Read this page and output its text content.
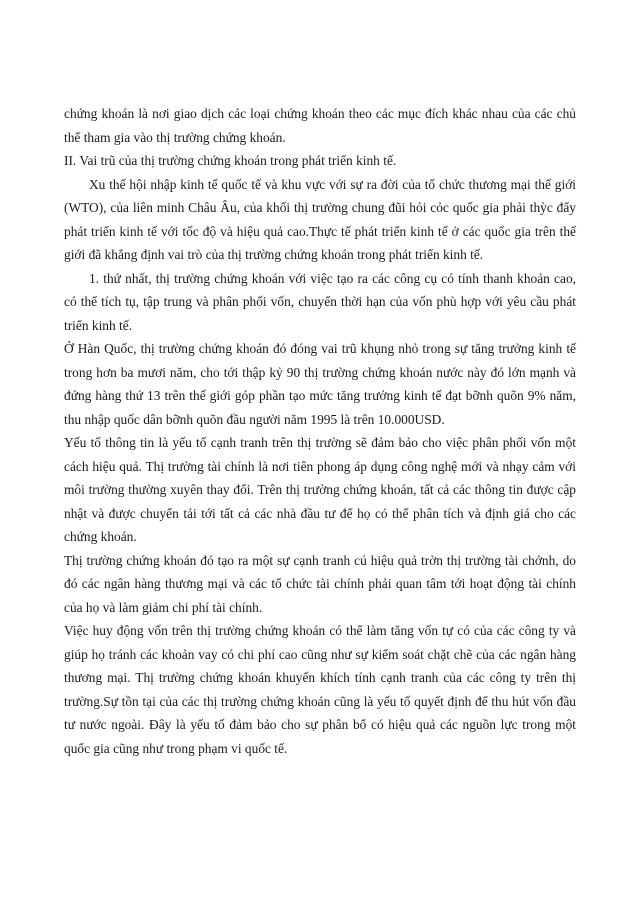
chứng khoán là nơi giao dịch các loại chứng khoán theo các mục đích khác nhau của các chủ thể tham gia vào thị trường chứng khoán.

II. Vai trũ của thị trường chứng khoán trong phát triển kinh tế.

Xu thế hội nhập kinh tế quốc tế và khu vực với sự ra đời của tổ chức thương mại thế giới (WTO), của liên minh Châu Âu, của khối thị trường chung đũi hỏi cỏc quốc gia phải thỳc đẩy phát triển kinh tế với tốc độ và hiệu quả cao.Thực tế phát triển kinh tế ở các quốc gia trên thế giới đã khẳng định vai trò của thị trường chứng khoán trong phát triển kinh tế.

1. thứ nhất, thị trường chứng khoán với việc tạo ra các công cụ có tính thanh khoản cao, có thể tích tụ, tập trung và phân phối vốn, chuyển thời hạn của vốn phù hợp với yêu cầu phát triển kinh tế.

Ở Hàn Quốc, thị trường chứng khoán đó đóng vai trũ khụng nhỏ trong sự tăng trưởng kinh tế trong hơn ba mươi năm, cho tới thập kỷ 90 thị trường chứng khoán nước này đó lớn mạnh và đứng hàng thứ 13 trên thế giới góp phần tạo mức tăng trưởng kinh tế đạt bỡnh quõn 9% năm, thu nhập quốc dân bỡnh quõn đầu người năm 1995 là trên 10.000USD.

Yếu tố thông tin là yếu tố cạnh tranh trên thị trường sẽ đảm bảo cho việc phân phối vốn một cách hiệu quả. Thị trường tài chính là nơi tiên phong áp dụng công nghệ mới và nhạy cảm với môi trường thường xuyên thay đổi. Trên thị trường chứng khoán, tất cả các thông tin được cập nhật và được chuyển tải tới tất cả các nhà đầu tư để họ có thể phân tích và định giá cho các chứng khoán.

Thị trường chứng khoán đó tạo ra một sự cạnh tranh cú hiệu quả trờn thị trường tài chớnh, do đó các ngân hàng thương mại và các tổ chức tài chính phải quan tâm tới hoạt động tài chính của họ và làm giảm chi phí tài chính.

Việc huy động vốn trên thị trường chứng khoán có thể làm tăng vốn tự có của các công ty và giúp họ tránh các khoản vay có chi phí cao cũng như sự kiểm soát chặt chẽ của các ngân hàng thương mại. Thị trường chứng khoán khuyến khích tính cạnh tranh của các công ty trên thị trường.Sự tồn tại của các thị trường chứng khoán cũng là yếu tố quyết định để thu hút vốn đầu tư nước ngoài. Đây là yếu tố đảm bảo cho sự phân bổ có hiệu quả các nguồn lực trong một quốc gia cũng như trong phạm vi quốc tế.
